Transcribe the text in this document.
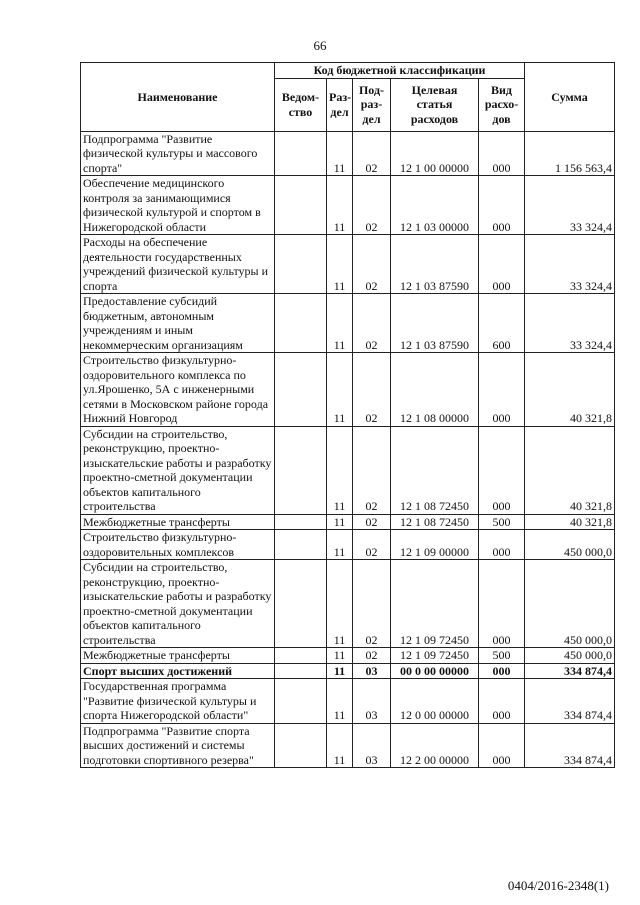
66
Наименование	Код бюджетной классификации					Сумма
	Ведом-ство	Раз-дел	Под-раз-дел	Целевая статья расходов	Вид расхо-дов	
Подпрограмма "Развитие физической культуры и массового спорта"		11	02	12 1 00 00000	000	1 156 563,4
Обеспечение медицинского контроля за занимающимися физической культурой и спортом в Нижегородской области		11	02	12 1 03 00000	000	33 324,4
Расходы на обеспечение деятельности государственных учреждений физической культуры и спорта		11	02	12 1 03 87590	000	33 324,4
Предоставление субсидий бюджетным, автономным учреждениям и иным некоммерческим организациям		11	02	12 1 03 87590	600	33 324,4
Строительство физкультурно-оздоровительного комплекса по ул.Ярошенко, 5А с инженерными сетями в Московском районе города Нижний Новгород		11	02	12 1 08 00000	000	40 321,8
Субсидии на строительство, реконструкцию, проектно-изыскательские работы и разработку проектно-сметной документации объектов капитального строительства		11	02	12 1 08 72450	000	40 321,8
Межбюджетные трансферты		11	02	12 1 08 72450	500	40 321,8
Строительство физкультурно-оздоровительных комплексов		11	02	12 1 09 00000	000	450 000,0
Субсидии на строительство, реконструкцию, проектно-изыскательские работы и разработку проектно-сметной документации объектов капитального строительства		11	02	12 1 09 72450	000	450 000,0
Межбюджетные трансферты		11	02	12 1 09 72450	500	450 000,0
Спорт высших достижений		11	03	00 0 00 00000	000	334 874,4
Государственная программа "Развитие физической культуры и спорта Нижегородской области"		11	03	12 0 00 00000	000	334 874,4
Подпрограмма "Развитие спорта высших достижений и системы подготовки спортивного резерва"		11	03	12 2 00 00000	000	334 874,4
0404/2016-2348(1)
